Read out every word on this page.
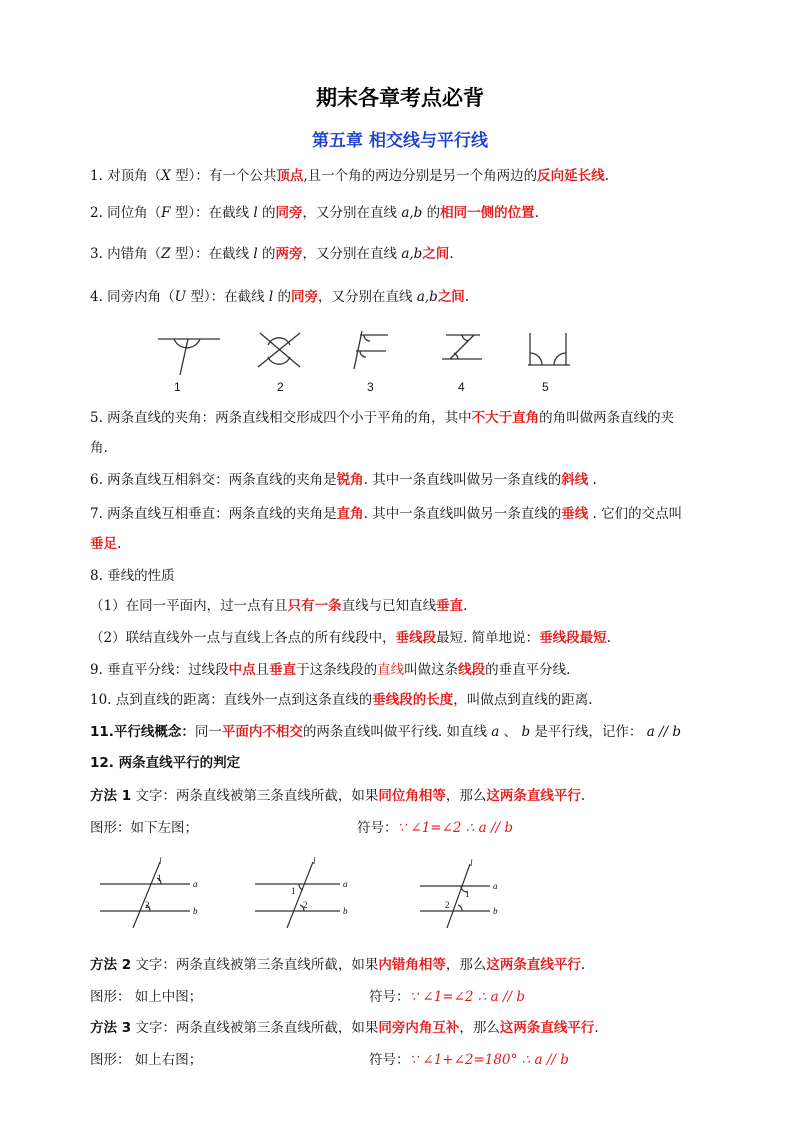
期末各章考点必背
第五章 相交线与平行线
1. 对顶角（X 型）：有一个公共顶点,且一个角的两边分别是另一个角两边的反向延长线.
2. 同位角（F 型）：在截线 l 的同旁，又分别在直线 a,b 的相同一侧的位置.
3. 内错角（Z 型）：在截线 l 的两旁，又分别在直线 a,b之间.
4. 同旁内角（U 型）：在截线 l 的同旁，又分别在直线 a,b之间.
1	2	3	4	5
5. 两条直线的夹角：两条直线相交形成四个小于平角的角，其中不大于直角的角叫做两条直线的夹
角.
6. 两条直线互相斜交：两条直线的夹角是锐角. 其中一条直线叫做另一条直线的斜线 .
7. 两条直线互相垂直：两条直线的夹角是直角. 其中一条直线叫做另一条直线的垂线 . 它们的交点叫
垂足.
8. 垂线的性质
（1）在同一平面内，过一点有且只有一条直线与已知直线垂直.
（2）联结直线外一点与直线上各点的所有线段中，垂线段最短. 简单地说：垂线段最短.
9. 垂直平分线：过线段中点且垂直于这条线段的直线叫做这条线段的垂直平分线.
10. 点到直线的距离：直线外一点到这条直线的垂线段的长度，叫做点到直线的距离.
11.平行线概念：同一平面内不相交的两条直线叫做平行线. 如直线 a 、 b 是平行线，记作： a // b
12. 两条直线平行的判定
方法 1 文字：两条直线被第三条直线所截，如果同位角相等，那么这两条直线平行.
图形：如下左图；	符号：∵ ∠1=∠2 ∴ a // b
l
a
b
1
2
l
a
b
1
2
l
a
b
1
2
方法 2 文字：两条直线被第三条直线所截，如果内错角相等，那么这两条直线平行.
图形： 如上中图；	符号：∵ ∠1=∠2 ∴ a // b
方法 3 文字：两条直线被第三条直线所截，如果同旁内角互补，那么这两条直线平行.
图形： 如上右图；	符号：∵ ∠1+∠2=180° ∴ a // b
